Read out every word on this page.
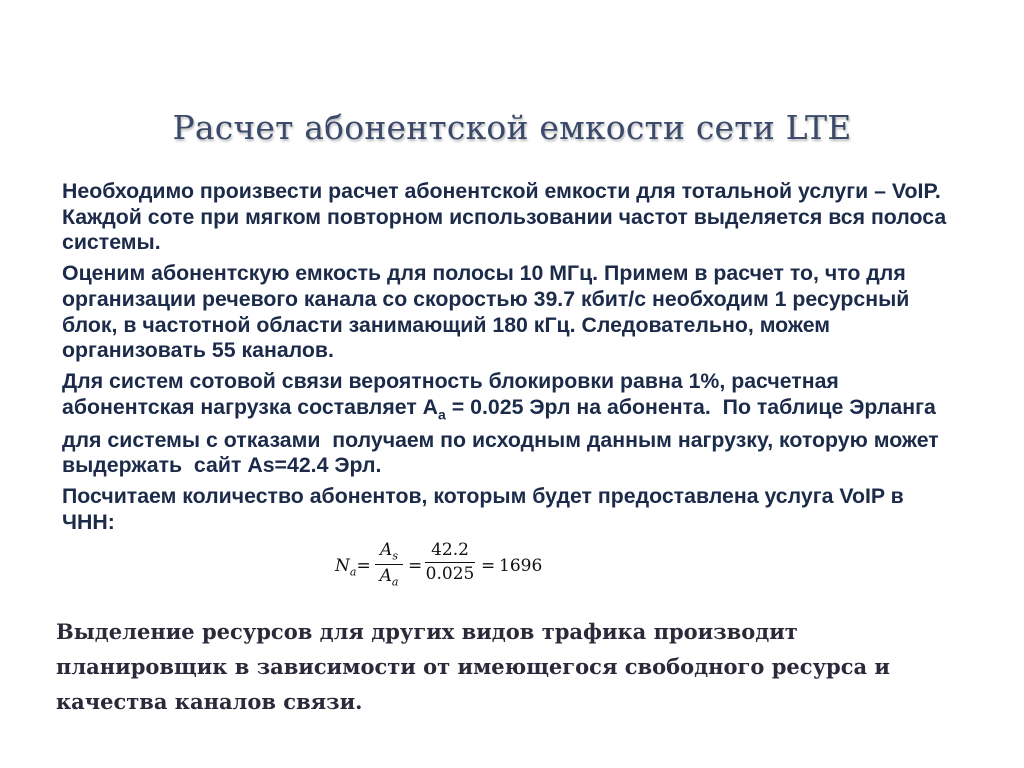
Расчет абонентской емкости сети LTE

Необходимо произвести расчет абонентской емкости для тотальной услуги – VoIP. Каждой соте при мягком повторном использовании частот выделяется вся полоса системы.

Оценим абонентскую емкость для полосы 10 МГц. Примем в расчет то, что для организации речевого канала со скоростью 39.7 кбит/с необходим 1 ресурсный блок, в частотной области занимающий 180 кГц. Следовательно, можем организовать 55 каналов.

Для систем сотовой связи вероятность блокировки равна 1%, расчетная абонентская нагрузка составляет $A_a = 0.025$ Эрл на абонента.  По таблице Эрланга для системы с отказами  получаем по исходным данным нагрузку, которую может выдержать  сайт As=42.4 Эрл.

Посчитаем количество абонентов, которым будет предоставлена услуга VoIP в ЧНН:

$N_a= \frac{A_s}{A_a} = \frac{42.2}{0.025} = 1696$
Выделение ресурсов для других видов трафика производит планировщик в зависимости от имеющегося свободного ресурса и качества каналов связи.
